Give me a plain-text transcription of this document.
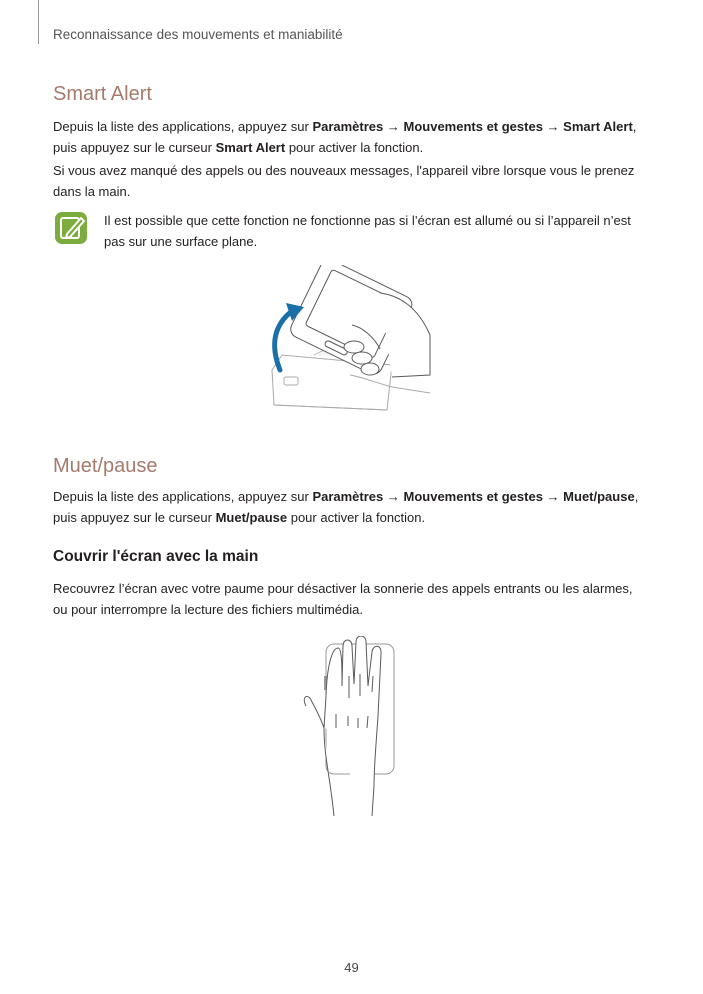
Reconnaissance des mouvements et maniabilité
Smart Alert
Depuis la liste des applications, appuyez sur Paramètres → Mouvements et gestes → Smart Alert,
puis appuyez sur le curseur Smart Alert pour activer la fonction.
Si vous avez manqué des appels ou des nouveaux messages, l'appareil vibre lorsque vous le prenez
dans la main.
Il est possible que cette fonction ne fonctionne pas si l’écran est allumé ou si l’appareil n’est
pas sur une surface plane.
Muet/pause
Depuis la liste des applications, appuyez sur Paramètres → Mouvements et gestes → Muet/pause,
puis appuyez sur le curseur Muet/pause pour activer la fonction.
Couvrir l'écran avec la main
Recouvrez l’écran avec votre paume pour désactiver la sonnerie des appels entrants ou les alarmes,
ou pour interrompre la lecture des fichiers multimédia.
49
